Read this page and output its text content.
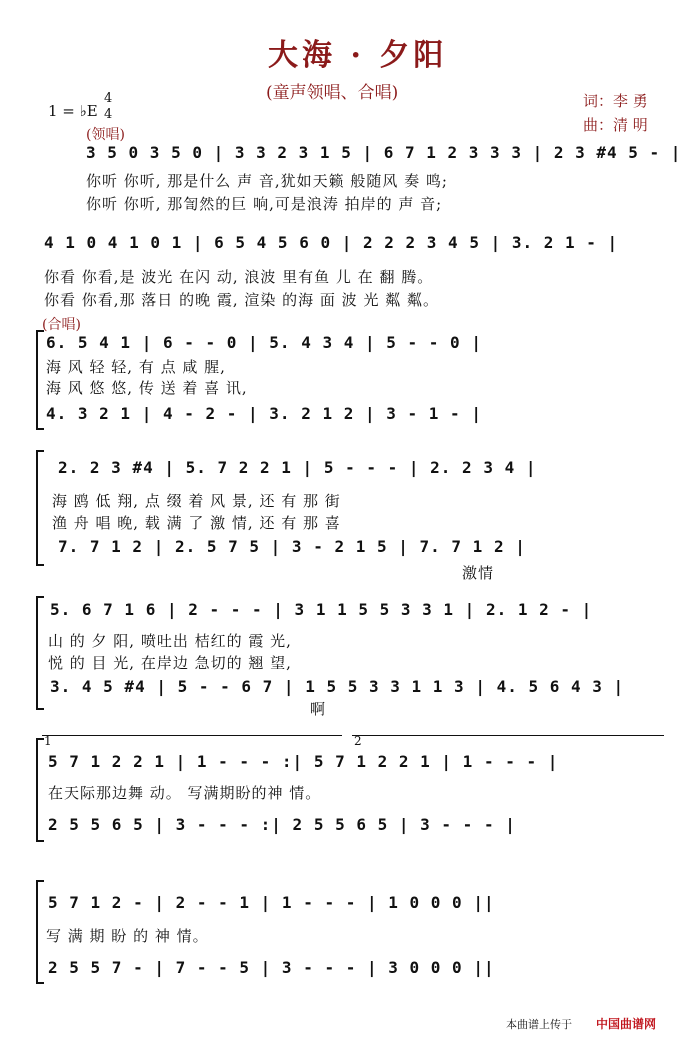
大海 · 夕阳
(童声领唱、合唱)	词：李 勇
曲：清 明
1 = ♭E
4
4
(领唱)
3 5 0 3 5 0 | 3 3 2 3 1 5 | 6 7 1 2 3 3 3 | 2 3 #4 5 - |
你听 你听, 那是什么 声 音,犹如天籁 般随风 奏 鸣;
你听 你听, 那訇然的巨 响,可是浪涛 拍岸的 声 音;
4 1 0 4 1 0 1 | 6 5 4 5 6 0 | 2 2 2 3 4 5 | 3. 2 1 - |
你看 你看,是 波光 在闪 动, 浪波 里有鱼 儿 在 翻 腾。
你看 你看,那 落日 的晚 霞, 渲染 的海 面 波 光 粼 粼。
(合唱)
6. 5 4 1 | 6 - - 0 | 5. 4 3 4 | 5 - - 0 |
海 风 轻 轻, 有 点 咸 腥,
海 风 悠 悠, 传 送 着 喜 讯,
4. 3 2 1 | 4 - 2 - | 3. 2 1 2 | 3 - 1 - |
2. 2 3 #4 | 5. 7 2 2 1 | 5 - - - | 2. 2 3 4 |
海 鸥 低 翔, 点 缀 着 风 景, 还 有 那 街
渔 舟 唱 晚, 载 满 了 激 情, 还 有 那 喜
7. 7 1 2 | 2. 5 7 5 | 3 - 2 1 5 | 7. 7 1 2 |
激情
5. 6 7 1 6 | 2 - - - | 3 1 1 5 5 3 3 1 | 2. 1 2 - |
山 的 夕 阳, 喷吐出 桔红的 霞 光,
悦 的 目 光, 在岸边 急切的 翘 望,
3. 4 5 #4 | 5 - - 6 7 | 1 5 5 3 3 1 1 3 | 4. 5 6 4 3 |
啊
1	2
5 7 1 2 2 1 | 1 - - - :| 5 7 1 2 2 1 | 1 - - - |
在天际那边舞 动。 写满期盼的神 情。
2 5 5 6 5 | 3 - - - :| 2 5 5 6 5 | 3 - - - |
5 7 1 2 - | 2 - - 1 | 1 - - - | 1 0 0 0 ||
写 满 期 盼 的 神 情。
2 5 5 7 - | 7 - - 5 | 3 - - - | 3 0 0 0 ||
本曲谱上传于 中国曲谱网
